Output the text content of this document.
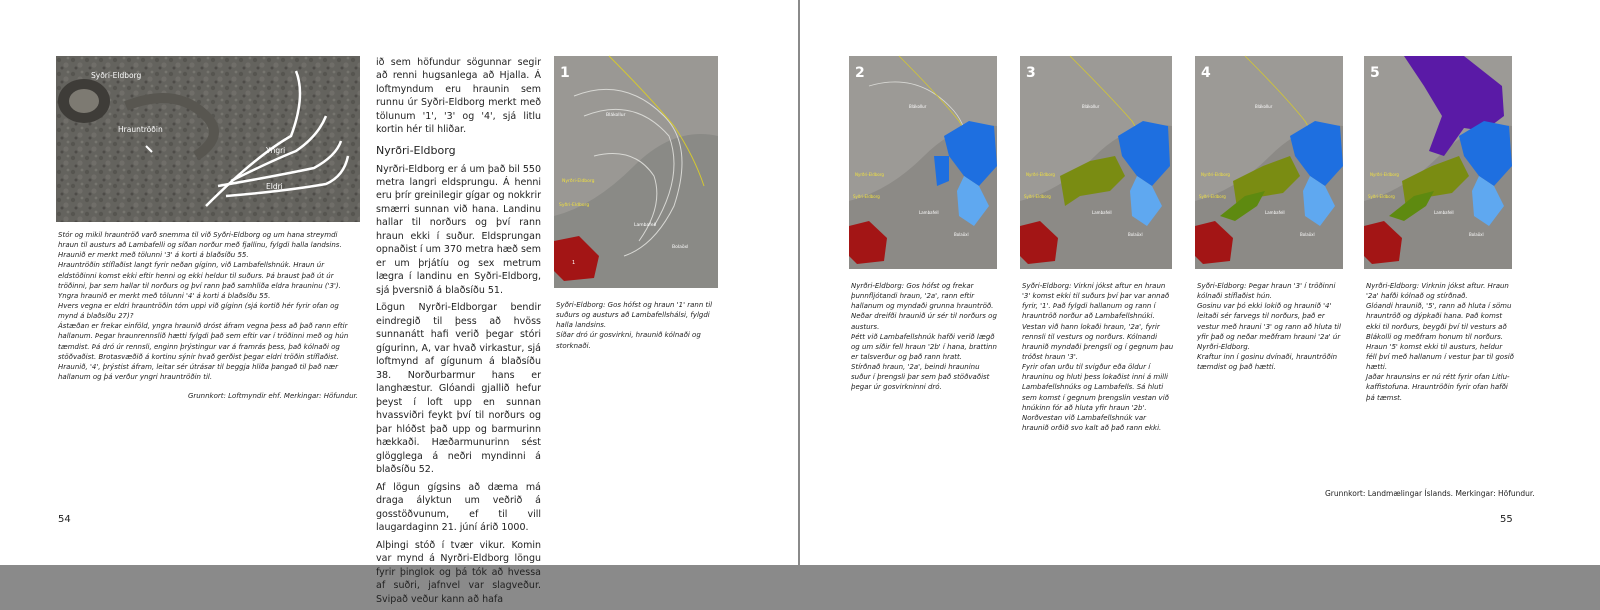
Syðri-Eldborg
Hrauntröðin
Yngri
Eldri

Stór og mikil hrauntröð varð snemma til við Syðri-Eldborg og um hana streymdi hraun til austurs að Lambafelli og síðan norður með fjallinu, fylgdi halla landsins. Hraunið er merkt með tölunni '3' á korti á blaðsíðu 55.

Hrauntröðin stíflaðist langt fyrir neðan gíginn, við Lambafellshnúk. Hraun úr eldstöðinni komst ekki eftir henni og ekki heldur til suðurs. Þá braust það út úr tröðinni, þar sem hallar til norðurs og því rann það samhliða eldra hrauninu ('3'). Yngra hraunið er merkt með tölunni '4' á korti á blaðsíðu 55.

Hvers vegna er eldri hrauntröðin tóm uppi við gíginn (sjá kortið hér fyrir ofan og mynd á blaðsíðu 27)?

Ástæðan er frekar einföld, yngra hraunið dróst áfram vegna þess að það rann eftir hallanum. Þegar hraunrennslið hætti fylgdi það sem eftir var í tröðinni með og hún tæmdist. Þá dró úr rennsli, enginn þrýstingur var á framrás þess, það kólnaði og stöðvaðist. Brotasvæðið á kortinu sýnir hvað gerðist þegar eldri tröðin stíflaðist. Hraunið, '4', þrýstist áfram, leitar sér útrásar til beggja hliða þangað til það nær hallanum og þá verður yngri hrauntröðin til.

Grunnkort: Loftmyndir ehf. Merkingar: Höfundur.

ið sem höfundur sögunnar segir að renni hugsanlega að Hjalla. Á loftmyndum eru hraunin sem runnu úr Syðri-Eldborg merkt með tölunum '1', '3' og '4', sjá litlu kortin hér til hliðar.

Nyrðri-Eldborg

Nyrðri-Eldborg er á um það bil 550 metra langri eldsprungu. Á henni eru þrír greinilegir gígar og nokkrir smærri sunnan við hana. Landinu hallar til norðurs og því rann hraun ekki í suður. Eldsprungan opnaðist í um 370 metra hæð sem er um þrjátíu og sex metrum lægra í landinu en Syðri-Eldborg, sjá þversnið á blaðsíðu 51.

Lögun Nyrðri-Eldborgar bendir eindregið til þess að hvöss sunnanátt hafi verið þegar stóri gígurinn, A, var hvað virkastur, sjá loftmynd af gígunum á blaðsíðu 38. Norðurbarmur hans er langhæstur. Glóandi gjallið hefur þeyst í loft upp en sunnan hvassviðri feykt því til norðurs og þar hlóðst það upp og barmurinn hækkaði. Hæðarmunurinn sést glögglega á neðri myndinni á blaðsíðu 52.

Af lögun gígsins að dæma má draga ályktun um veðrið á gosstöðvunum, ef til vill laugardaginn 21. júní árið 1000.

Alþingi stóð í tvær vikur. Komin var mynd á Nyrðri-Eldborg löngu fyrir þinglok og þá tók að hvessa af suðri, jafnvel var slagveður. Svipað veður kann að hafa

1
Blákollur
Nyrðri-Eldborg
Syðri-Eldborg
Lambafell
Bolaöxl
1

Syðri-Eldborg: Gos hófst og hraun '1' rann til suðurs og austurs að Lambafellshálsi, fylgdi halla landsins.

Síðar dró úr gosvirkni, hraunið kólnaði og storknaði.

54
Blákollur
Nyrðri-Eldborg
Syðri-Eldborg
Lambafell
Bolaöxl
2
Blákollur
Nyrðri-Eldborg
Syðri-Eldborg
Lambafell
Bolaöxl
3
Blákollur
Nyrðri-Eldborg
Syðri-Eldborg
Lambafell
Bolaöxl
4
Nyrðri-Eldborg
Syðri-Eldborg
Lambafell
Bolaöxl
5

Nyrðri-Eldborg: Gos hófst og frekar þunnfljótandi hraun, '2a', rann eftir hallanum og myndaði grunna hrauntröð.

Neðar dreifði hraunið úr sér til norðurs og austurs.

Þétt við Lambafellshnúk hafði verið lægð og um síðir fell hraun '2b' í hana, brattinn er talsverður og það rann hratt.

Stírðnað hraun, '2a', beindi hrauninu suður í þrengsli þar sem það stöðvaðist þegar úr gosvirkninni dró.

Syðri-Eldborg: Virkni jókst aftur en hraun '3' komst ekki til suðurs því þar var annað fyrir, '1'. Það fylgdi hallanum og rann í hrauntröð norður að Lambafellshnúki.

Vestan við hann lokaði hraun, '2a', fyrir rennsli til vesturs og norðurs. Kólnandi hraunið myndaði þrengsli og í gegnum þau tróðst hraun '3'.

Fyrir ofan urðu til svigður eða öldur í hrauninu og hluti þess lokaðist inni á milli Lambafellshnúks og Lambafells. Sá hluti sem komst í gegnum þrengslin vestan við hnúkinn fór að hluta yfir hraun '2b'.

Norðvestan við Lambafellshnúk var hraunið orðið svo kalt að það rann ekki.

Syðri-Eldborg: Þegar hraun '3' í tröðinni kólnaði stíflaðist hún.

Gosinu var þó ekki lokið og hraunið '4' leitaði sér farvegs til norðurs, það er vestur með hrauni '3' og rann að hluta til yfir það og neðar meðfram hrauni '2a' úr Nyrðri-Eldborg.

Kraftur inn í gosinu dvínaði, hrauntröðin tæmdist og það hætti.

Nyrðri-Eldborg: Virknin jókst aftur. Hraun '2a' hafði kólnað og stírðnað.

Glóandi hraunið, '5', rann að hluta í sömu hrauntröð og dýpkaði hana. Það komst ekki til norðurs, beygði því til vesturs að Blákolli og meðfram honum til norðurs.

Hraun '5' komst ekki til austurs, heldur féll því með hallanum í vestur þar til gosið hætti.

Jaðar hraunsins er nú rétt fyrir ofan Litlu-kaffistofuna. Hrauntröðin fyrir ofan hafði þá tæmst.

Grunnkort: Landmælingar Íslands. Merkingar: Höfundur.
55
